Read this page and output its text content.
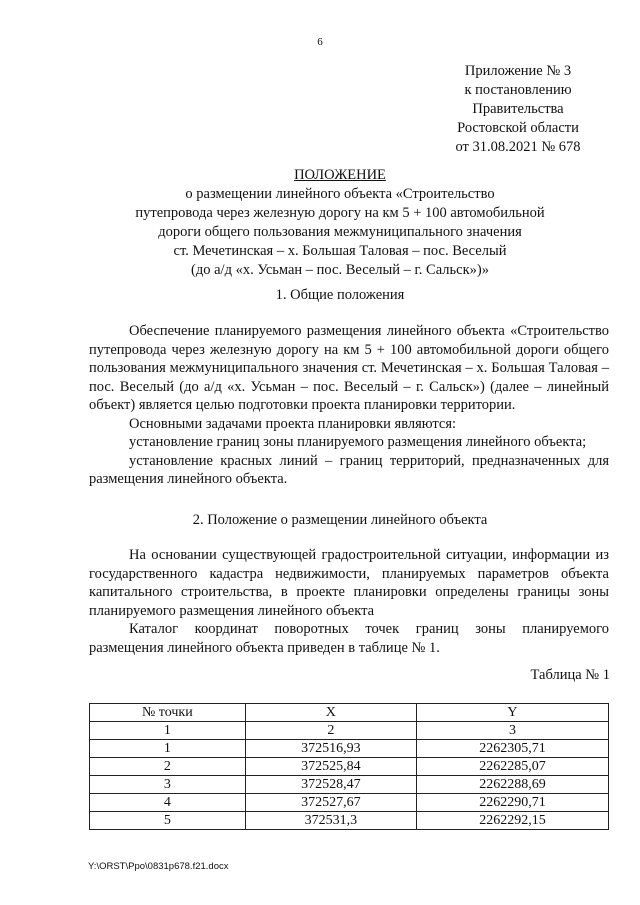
6
Приложение № 3
к постановлению
Правительства
Ростовской области
от 31.08.2021 № 678
ПОЛОЖЕНИЕ
о размещении линейного объекта «Строительство
путепровода через железную дорогу на км 5 + 100 автомобильной
дороги общего пользования межмуниципального значения
ст. Мечетинская – х. Большая Таловая – пос. Веселый
(до а/д «х. Усьман – пос. Веселый – г. Сальск»)»
1. Общие положения

Обеспечение планируемого размещения линейного объекта «Строительство путепровода через железную дорогу на км 5 + 100 автомобильной дороги общего пользования межмуниципального значения ст. Мечетинская – х. Большая Таловая – пос. Веселый (до а/д «х. Усьман – пос. Веселый – г. Сальск») (далее – линейный объект) является целью подготовки проекта планировки территории.

Основными задачами проекта планировки являются:

установление границ зоны планируемого размещения линейного объекта;

установление красных линий – границ территорий, предназначенных для размещения линейного объекта.

2. Положение о размещении линейного объекта

На основании существующей градостроительной ситуации, информации из государственного кадастра недвижимости, планируемых параметров объекта капитального строительства, в проекте планировки определены границы зоны планируемого размещения линейного объекта

Каталог координат поворотных точек границ зоны планируемого размещения линейного объекта приведен в таблице № 1.

Таблица № 1
№ точки	X	Y
1	2	3
1	372516,93	2262305,71
2	372525,84	2262285,07
3	372528,47	2262288,69
4	372527,67	2262290,71
5	372531,3	2262292,15
Y:\ORST\Ppo\0831p678.f21.docx
